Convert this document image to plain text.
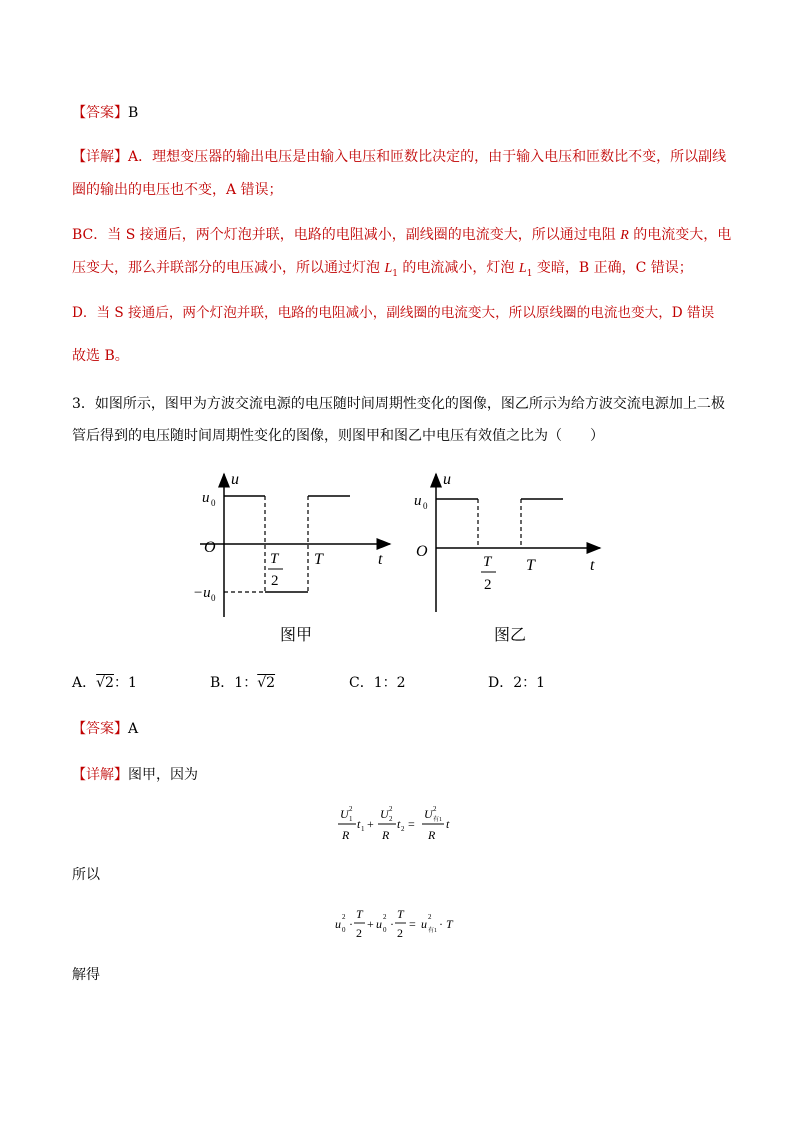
【答案】B
【详解】A．理想变压器的输出电压是由输入电压和匝数比决定的，由于输入电压和匝数比不变，所以副线
圈的输出的电压也不变，A 错误；
BC．当 S 接通后，两个灯泡并联，电路的电阻减小，副线圈的电流变大，所以通过电阻 R 的电流变大，电
压变大，那么并联部分的电压减小，所以通过灯泡 $L_1$ 的电流减小，灯泡 $L_1$ 变暗，B 正确，C 错误；
D．当 S 接通后，两个灯泡并联，电路的电阻减小，副线圈的电流变大，所以原线圈的电流也变大，D 错误
故选 B。
3．如图所示，图甲为方波交流电源的电压随时间周期性变化的图像，图乙所示为给方波交流电源加上二极
管后得到的电压随时间周期性变化的图像，则图甲和图乙中电压有效值之比为（　　）
u
u 0
O
t
T
T
2
−u 0
图甲
u
u 0
O
t
T
T
2
图乙
A．√2：1	B．1：√2	C．1：2	D．2：1
【答案】A
【详解】图甲，因为
U 2
1
R
t 1 +
U 2
2
R
t 2 =
U 2
有1
R
t
所以
u 2
0 ·
T
2
+ u 2
0 ·
T
2
= u 2
有1 · T
解得
